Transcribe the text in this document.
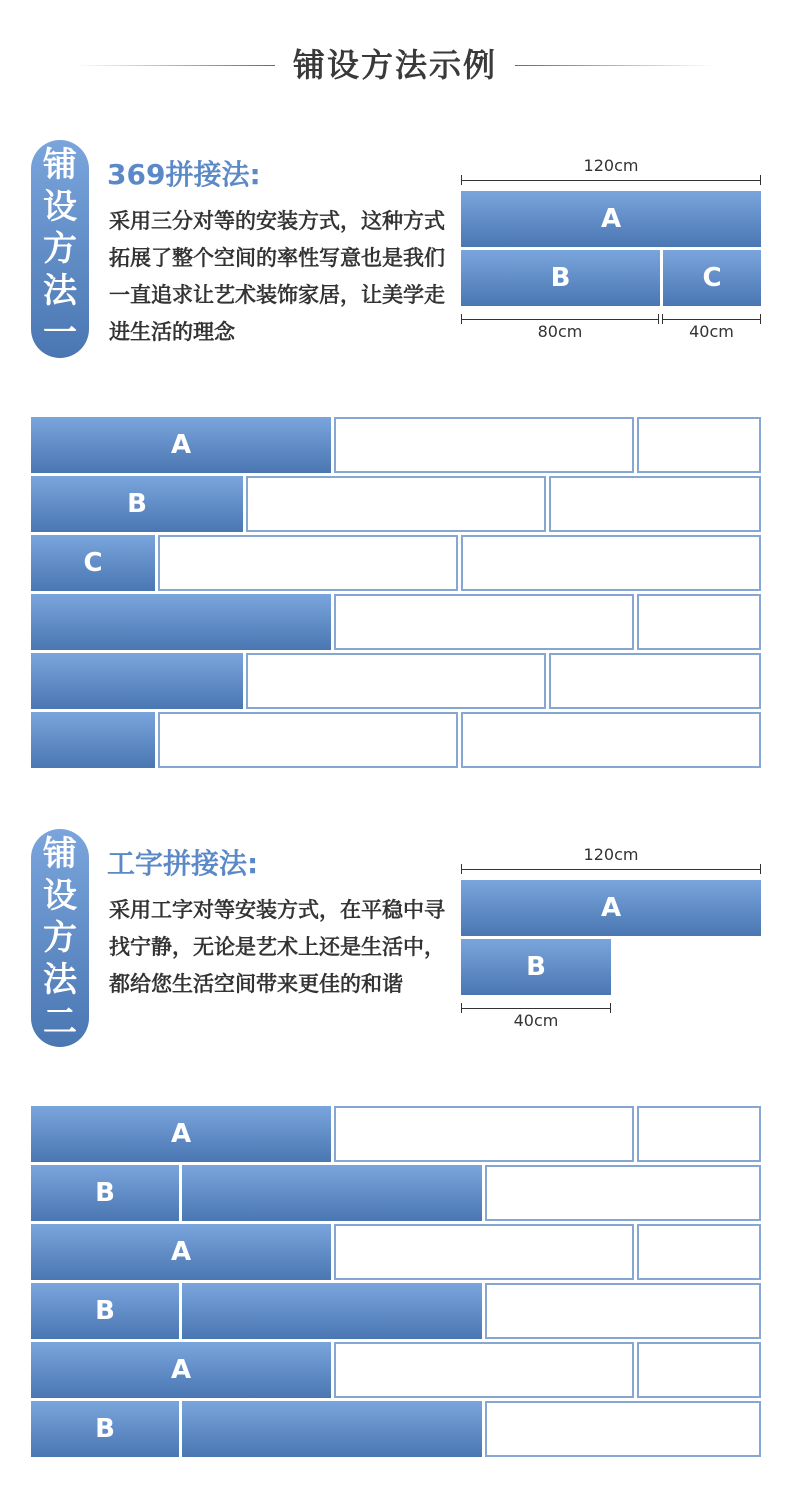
铺设方法示例
铺
设
方
法
一
369拼接法:
采用三分对等的安装方式，这种方式拓展了整个空间的率性写意也是我们一直追求让艺术装饰家居，让美学走进生活的理念
120cm
A
B	C
80cm	40cm
A
B
C
铺
设
方
法
二
工字拼接法:
采用工字对等安装方式，在平稳中寻找宁静，无论是艺术上还是生活中，都给您生活空间带来更佳的和谐
120cm
A
B
40cm
A
B
A
B
A
B
